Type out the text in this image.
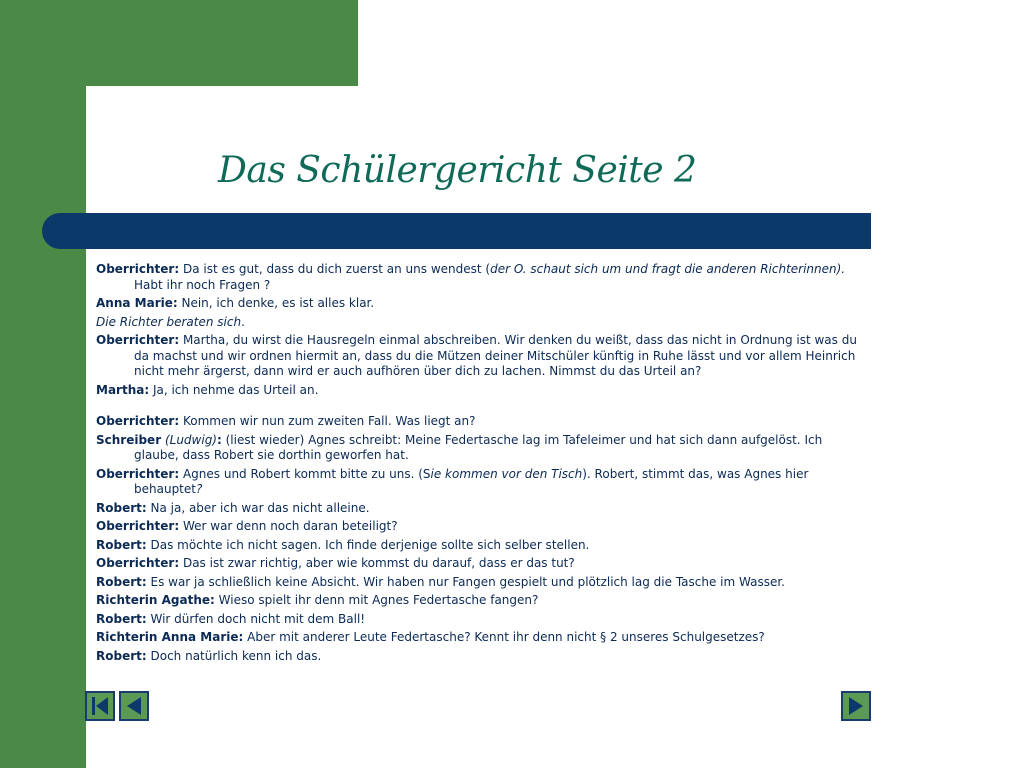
Das Schülergericht Seite 2

Oberrichter: Da ist es gut, dass du dich zuerst an uns wendest (der O. schaut sich um und fragt die anderen Richterinnen). Habt ihr noch Fragen ?

Anna Marie: Nein, ich denke, es ist alles klar.

Die Richter beraten sich.

Oberrichter: Martha, du wirst die Hausregeln einmal abschreiben. Wir denken du weißt, dass das nicht in Ordnung ist was du da machst und wir ordnen hiermit an, dass du die Mützen deiner Mitschüler künftig in Ruhe lässt und vor allem Heinrich nicht mehr ärgerst, dann wird er auch aufhören über dich zu lachen. Nimmst du das Urteil an?

Martha: Ja, ich nehme das Urteil an.

Oberrichter: Kommen wir nun zum zweiten Fall. Was liegt an?

Schreiber (Ludwig): (liest wieder) Agnes schreibt: Meine Federtasche lag im Tafeleimer und hat sich dann aufgelöst. Ich glaube, dass Robert sie dorthin geworfen hat.

Oberrichter: Agnes und Robert kommt bitte zu uns. (Sie kommen vor den Tisch). Robert, stimmt das, was Agnes hier behauptet?

Robert: Na ja, aber ich war das nicht alleine.

Oberrichter: Wer war denn noch daran beteiligt?

Robert: Das möchte ich nicht sagen. Ich finde derjenige sollte sich selber stellen.

Oberrichter: Das ist zwar richtig, aber wie kommst du darauf, dass er das tut?

Robert: Es war ja schließlich keine Absicht. Wir haben nur Fangen gespielt und plötzlich lag die Tasche im Wasser.

Richterin Agathe: Wieso spielt ihr denn mit Agnes Federtasche fangen?

Robert: Wir dürfen doch nicht mit dem Ball!

Richterin Anna Marie: Aber mit anderer Leute Federtasche? Kennt ihr denn nicht § 2 unseres Schulgesetzes?

Robert: Doch natürlich kenn ich das.
